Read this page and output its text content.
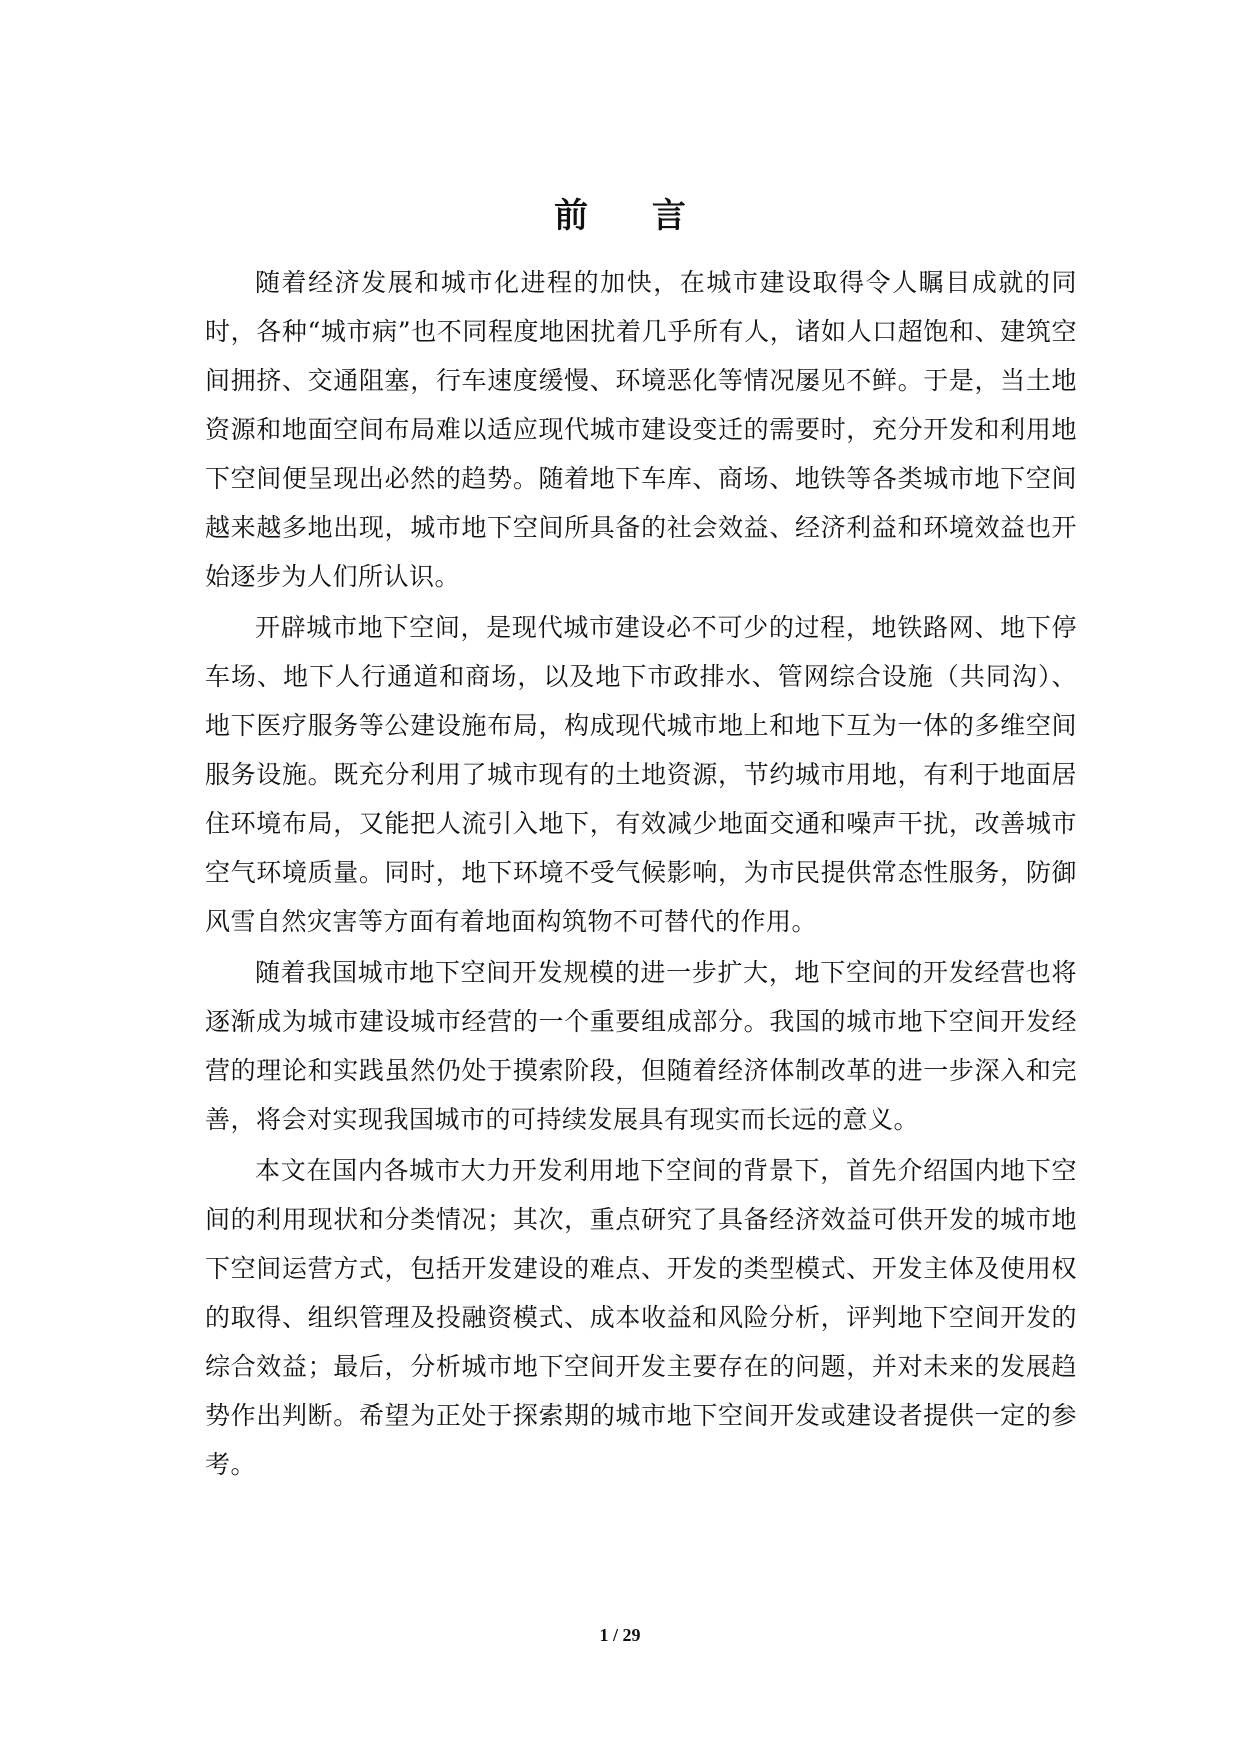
前 言

随着经济发展和城市化进程的加快，在城市建设取得令人瞩目成就的同时，各种“城市病”也不同程度地困扰着几乎所有人，诸如人口超饱和、建筑空间拥挤、交通阻塞，行车速度缓慢、环境恶化等情况屡见不鲜。于是，当土地资源和地面空间布局难以适应现代城市建设变迁的需要时，充分开发和利用地下空间便呈现出必然的趋势。随着地下车库、商场、地铁等各类城市地下空间越来越多地出现，城市地下空间所具备的社会效益、经济利益和环境效益也开始逐步为人们所认识。

开辟城市地下空间，是现代城市建设必不可少的过程，地铁路网、地下停车场、地下人行通道和商场，以及地下市政排水、管网综合设施（共同沟）、地下医疗服务等公建设施布局，构成现代城市地上和地下互为一体的多维空间服务设施。既充分利用了城市现有的土地资源，节约城市用地，有利于地面居住环境布局，又能把人流引入地下，有效减少地面交通和噪声干扰，改善城市空气环境质量。同时，地下环境不受气候影响，为市民提供常态性服务，防御风雪自然灾害等方面有着地面构筑物不可替代的作用。

随着我国城市地下空间开发规模的进一步扩大，地下空间的开发经营也将逐渐成为城市建设城市经营的一个重要组成部分。我国的城市地下空间开发经营的理论和实践虽然仍处于摸索阶段，但随着经济体制改革的进一步深入和完善，将会对实现我国城市的可持续发展具有现实而长远的意义。

本文在国内各城市大力开发利用地下空间的背景下，首先介绍国内地下空间的利用现状和分类情况；其次，重点研究了具备经济效益可供开发的城市地下空间运营方式，包括开发建设的难点、开发的类型模式、开发主体及使用权的取得、组织管理及投融资模式、成本收益和风险分析，评判地下空间开发的综合效益；最后，分析城市地下空间开发主要存在的问题，并对未来的发展趋势作出判断。希望为正处于探索期的城市地下空间开发或建设者提供一定的参考。

1 / 29
